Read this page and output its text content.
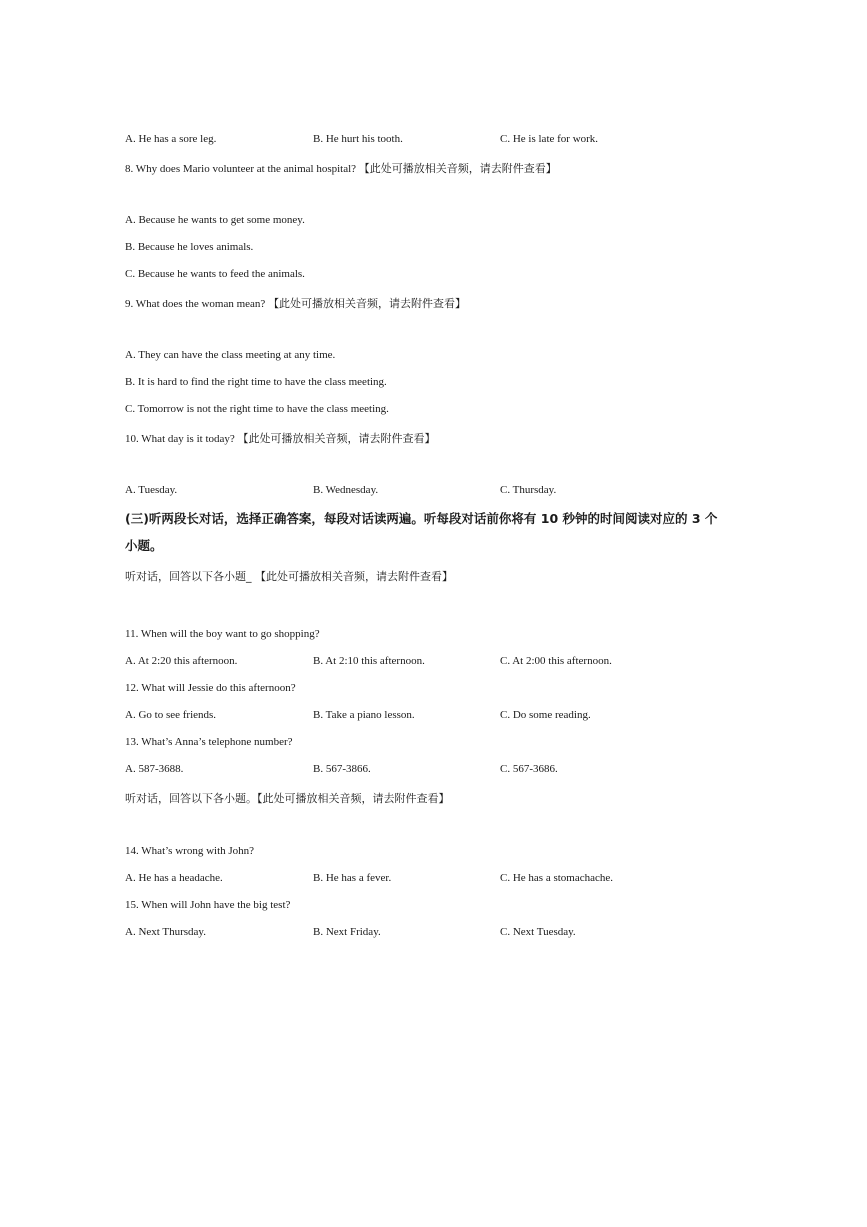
A. He has a sore leg.	B. He hurt his tooth.	C. He is late for work.
8. Why does Mario volunteer at the animal hospital? 【此处可播放相关音频，请去附件查看】
A. Because he wants to get some money.
B. Because he loves animals.
C. Because he wants to feed the animals.
9. What does the woman mean? 【此处可播放相关音频，请去附件查看】
A. They can have the class meeting at any time.
B. It is hard to find the right time to have the class meeting.
C. Tomorrow is not the right time to have the class meeting.
10. What day is it today? 【此处可播放相关音频，请去附件查看】
A. Tuesday.	B. Wednesday.	C. Thursday.
(三)听两段长对话，选择正确答案，每段对话读两遍。听每段对话前你将有 10 秒钟的时间阅读对应的 3 个小题。
听对话，回答以下各小题_ 【此处可播放相关音频，请去附件查看】
11. When will the boy want to go shopping?
A. At 2:20 this afternoon.	B. At 2:10 this afternoon.	C. At 2:00 this afternoon.
12. What will Jessie do this afternoon?
A. Go to see friends.	B. Take a piano lesson.	C. Do some reading.
13. What’s Anna’s telephone number?
A. 587-3688.	B. 567-3866.	C. 567-3686.
听对话，回答以下各小题。【此处可播放相关音频，请去附件查看】
14. What’s wrong with John?
A. He has a headache.	B. He has a fever.	C. He has a stomachache.
15. When will John have the big test?
A. Next Thursday.	B. Next Friday.	C. Next Tuesday.
